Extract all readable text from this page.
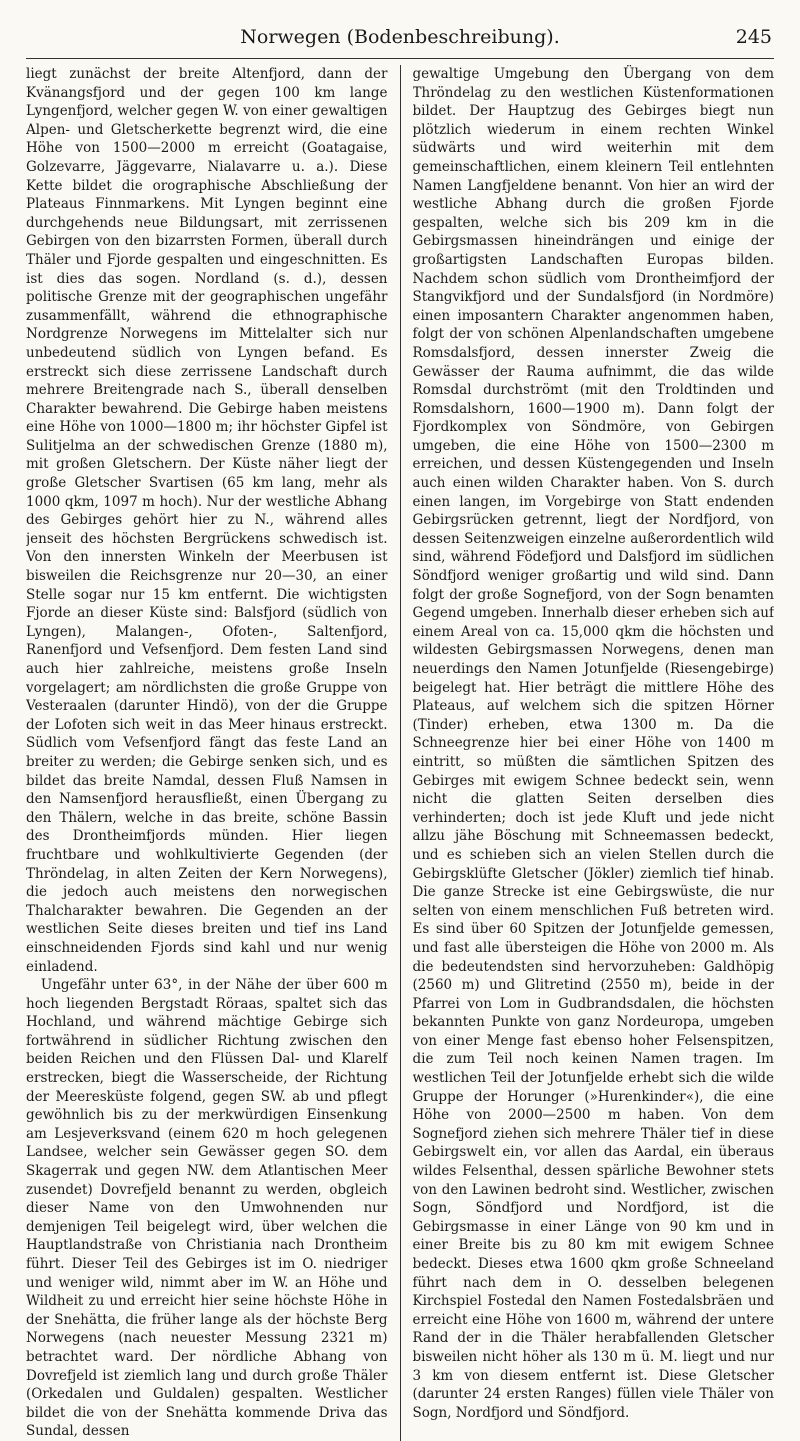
Norwegen (Bodenbeschreibung).	245

liegt zunächst der breite Altenfjord, dann der Kvänangsfjord und der gegen 100 km lange Lyngenfjord, welcher gegen W. von einer gewaltigen Alpen- und Gletscherkette begrenzt wird, die eine Höhe von 1500—2000 m erreicht (Goatagaise, Golzevarre, Jäggevarre, Nialavarre u. a.). Diese Kette bildet die orographische Abschließung der Plateaus Finnmarkens. Mit Lyngen beginnt eine durchgehends neue Bildungsart, mit zerrissenen Gebirgen von den bizarrsten Formen, überall durch Thäler und Fjorde gespalten und eingeschnitten. Es ist dies das sogen. Nordland (s. d.), dessen politische Grenze mit der geographischen ungefähr zusammenfällt, während die ethnographische Nordgrenze Norwegens im Mittelalter sich nur unbedeutend südlich von Lyngen befand. Es erstreckt sich diese zerrissene Landschaft durch mehrere Breitengrade nach S., überall denselben Charakter bewahrend. Die Gebirge haben meistens eine Höhe von 1000—1800 m; ihr höchster Gipfel ist Sulitjelma an der schwedischen Grenze (1880 m), mit großen Gletschern. Der Küste näher liegt der große Gletscher Svartisen (65 km lang, mehr als 1000 qkm, 1097 m hoch). Nur der westliche Abhang des Gebirges gehört hier zu N., während alles jenseit des höchsten Bergrückens schwedisch ist. Von den innersten Winkeln der Meerbusen ist bisweilen die Reichsgrenze nur 20—30, an einer Stelle sogar nur 15 km entfernt. Die wichtigsten Fjorde an dieser Küste sind: Balsfjord (südlich von Lyngen), Malangen-, Ofoten-, Saltenfjord, Ranenfjord und Vefsenfjord. Dem festen Land sind auch hier zahlreiche, meistens große Inseln vorgelagert; am nördlichsten die große Gruppe von Vesteraalen (darunter Hindö), von der die Gruppe der Lofoten sich weit in das Meer hinaus erstreckt. Südlich vom Vefsenfjord fängt das feste Land an breiter zu werden; die Gebirge senken sich, und es bildet das breite Namdal, dessen Fluß Namsen in den Namsenfjord herausfließt, einen Übergang zu den Thälern, welche in das breite, schöne Bassin des Drontheimfjords münden. Hier liegen fruchtbare und wohlkultivierte Gegenden (der Thröndelag, in alten Zeiten der Kern Norwegens), die jedoch auch meistens den norwegischen Thalcharakter bewahren. Die Gegenden an der westlichen Seite dieses breiten und tief ins Land einschneidenden Fjords sind kahl und nur wenig einladend.

Ungefähr unter 63°, in der Nähe der über 600 m hoch liegenden Bergstadt Röraas, spaltet sich das Hochland, und während mächtige Gebirge sich fortwährend in südlicher Richtung zwischen den beiden Reichen und den Flüssen Dal- und Klarelf erstrecken, biegt die Wasserscheide, der Richtung der Meeresküste folgend, gegen SW. ab und pflegt gewöhnlich bis zu der merkwürdigen Einsenkung am Lesjeverksvand (einem 620 m hoch gelegenen Landsee, welcher sein Gewässer gegen SO. dem Skagerrak und gegen NW. dem Atlantischen Meer zusendet) Dovrefjeld benannt zu werden, obgleich dieser Name von den Umwohnenden nur demjenigen Teil beigelegt wird, über welchen die Hauptlandstraße von Christiania nach Drontheim führt. Dieser Teil des Gebirges ist im O. niedriger und weniger wild, nimmt aber im W. an Höhe und Wildheit zu und erreicht hier seine höchste Höhe in der Snehätta, die früher lange als der höchste Berg Norwegens (nach neuester Messung 2321 m) betrachtet ward. Der nördliche Abhang von Dovrefjeld ist ziemlich lang und durch große Thäler (Orkedalen und Guldalen) gespalten. Westlicher bildet die von der Snehätta kommende Driva das Sundal, dessen

gewaltige Umgebung den Übergang von dem Thröndelag zu den westlichen Küstenformationen bildet. Der Hauptzug des Gebirges biegt nun plötzlich wiederum in einem rechten Winkel südwärts und wird weiterhin mit dem gemeinschaftlichen, einem kleinern Teil entlehnten Namen Langfjeldene benannt. Von hier an wird der westliche Abhang durch die großen Fjorde gespalten, welche sich bis 209 km in die Gebirgsmassen hineindrängen und einige der großartigsten Landschaften Europas bilden. Nachdem schon südlich vom Drontheimfjord der Stangvikfjord und der Sundalsfjord (in Nordmöre) einen imposantern Charakter angenommen haben, folgt der von schönen Alpenlandschaften umgebene Romsdalsfjord, dessen innerster Zweig die Gewässer der Rauma aufnimmt, die das wilde Romsdal durchströmt (mit den Troldtinden und Romsdalshorn, 1600—1900 m). Dann folgt der Fjordkomplex von Söndmöre, von Gebirgen umgeben, die eine Höhe von 1500—2300 m erreichen, und dessen Küstengegenden und Inseln auch einen wilden Charakter haben. Von S. durch einen langen, im Vorgebirge von Statt endenden Gebirgsrücken getrennt, liegt der Nordfjord, von dessen Seitenzweigen einzelne außerordentlich wild sind, während Födefjord und Dalsfjord im südlichen Söndfjord weniger großartig und wild sind. Dann folgt der große Sognefjord, von der Sogn benamten Gegend umgeben. Innerhalb dieser erheben sich auf einem Areal von ca. 15,000 qkm die höchsten und wildesten Gebirgsmassen Norwegens, denen man neuerdings den Namen Jotunfjelde (Riesengebirge) beigelegt hat. Hier beträgt die mittlere Höhe des Plateaus, auf welchem sich die spitzen Hörner (Tinder) erheben, etwa 1300 m. Da die Schneegrenze hier bei einer Höhe von 1400 m eintritt, so müßten die sämtlichen Spitzen des Gebirges mit ewigem Schnee bedeckt sein, wenn nicht die glatten Seiten derselben dies verhinderten; doch ist jede Kluft und jede nicht allzu jähe Böschung mit Schneemassen bedeckt, und es schieben sich an vielen Stellen durch die Gebirgsklüfte Gletscher (Jökler) ziemlich tief hinab. Die ganze Strecke ist eine Gebirgswüste, die nur selten von einem menschlichen Fuß betreten wird. Es sind über 60 Spitzen der Jotunfjelde gemessen, und fast alle übersteigen die Höhe von 2000 m. Als die bedeutendsten sind hervorzuheben: Galdhöpig (2560 m) und Glitretind (2550 m), beide in der Pfarrei von Lom in Gudbrandsdalen, die höchsten bekannten Punkte von ganz Nordeuropa, umgeben von einer Menge fast ebenso hoher Felsenspitzen, die zum Teil noch keinen Namen tragen. Im westlichen Teil der Jotunfjelde erhebt sich die wilde Gruppe der Horunger (»Hurenkinder«), die eine Höhe von 2000—2500 m haben. Von dem Sognefjord ziehen sich mehrere Thäler tief in diese Gebirgswelt ein, vor allen das Aardal, ein überaus wildes Felsenthal, dessen spärliche Bewohner stets von den Lawinen bedroht sind. Westlicher, zwischen Sogn, Söndfjord und Nordfjord, ist die Gebirgsmasse in einer Länge von 90 km und in einer Breite bis zu 80 km mit ewigem Schnee bedeckt. Dieses etwa 1600 qkm große Schneeland führt nach dem in O. desselben belegenen Kirchspiel Fostedal den Namen Fostedalsbräen und erreicht eine Höhe von 1600 m, während der untere Rand der in die Thäler herabfallenden Gletscher bisweilen nicht höher als 130 m ü. M. liegt und nur 3 km von diesem entfernt ist. Diese Gletscher (darunter 24 ersten Ranges) füllen viele Thäler von Sogn, Nordfjord und Söndfjord.
